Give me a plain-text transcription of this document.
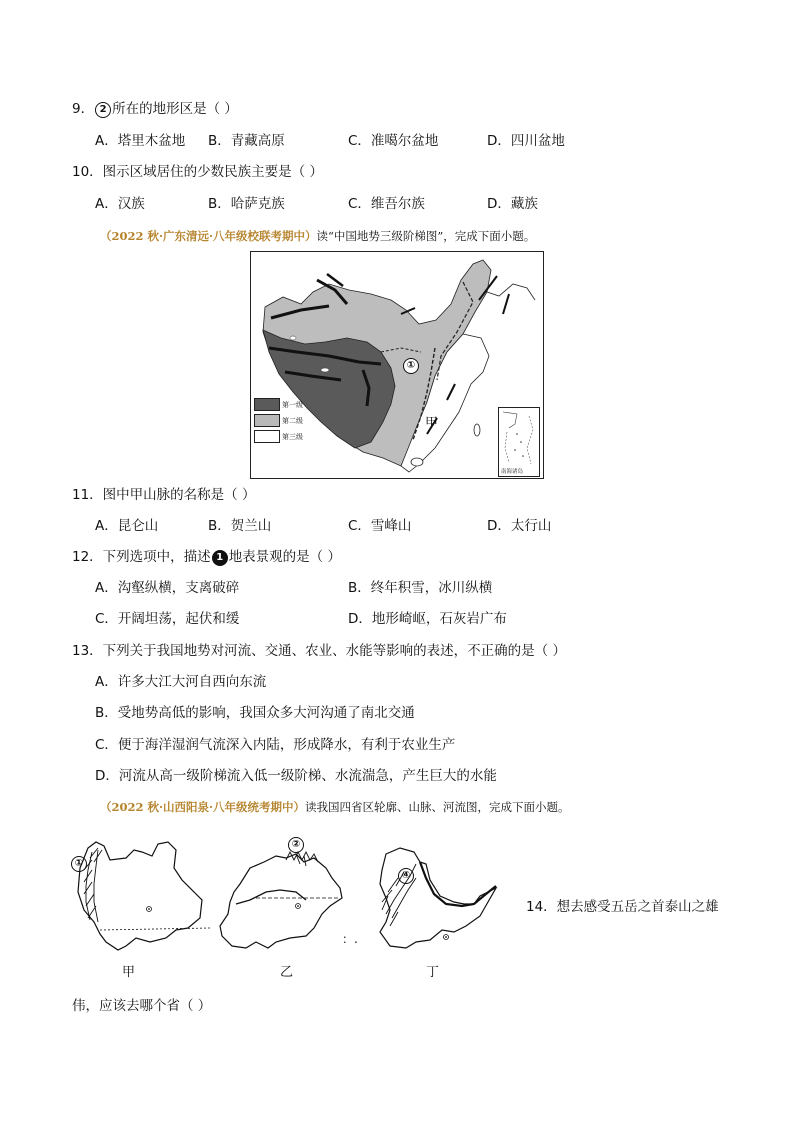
9． 2 所在的地形区是（ ）
A．塔里木盆地 B．青藏高原	C．准噶尔盆地	D．四川盆地
10．图示区域居住的少数民族主要是（ ）
A．汉族	B．哈萨克族	C．维吾尔族	D．藏族
（2022 秋·广东清远·八年级校联考期中）读“中国地势三级阶梯图”，完成下面小题。
①
甲
第一级
第二级
第三级
南海诸岛
11．图中甲山脉的名称是（ ）
A．昆仑山	B．贺兰山	C．雪峰山	D．太行山
12．下列选项中，描述 1 地表景观的是（ ）
A．沟壑纵横，支离破碎	B．终年积雪，冰川纵横
C．开阔坦荡，起伏和缓	D．地形崎岖，石灰岩广布
13．下列关于我国地势对河流、交通、农业、水能等影响的表述，不正确的是（ ）
A．许多大江大河自西向东流
B．受地势高低的影响，我国众多大河沟通了南北交通
C．便于海洋湿润气流深入内陆，形成降水，有利于农业生产
D．河流从高一级阶梯流入低一级阶梯、水流湍急，产生巨大的水能
（2022 秋·山西阳泉·八年级统考期中）读我国四省区轮廓、山脉、河流图，完成下面小题。
①
②
④
甲	乙	丁
：.
14．想去感受五岳之首泰山之雄
伟，应该去哪个省（ ）
